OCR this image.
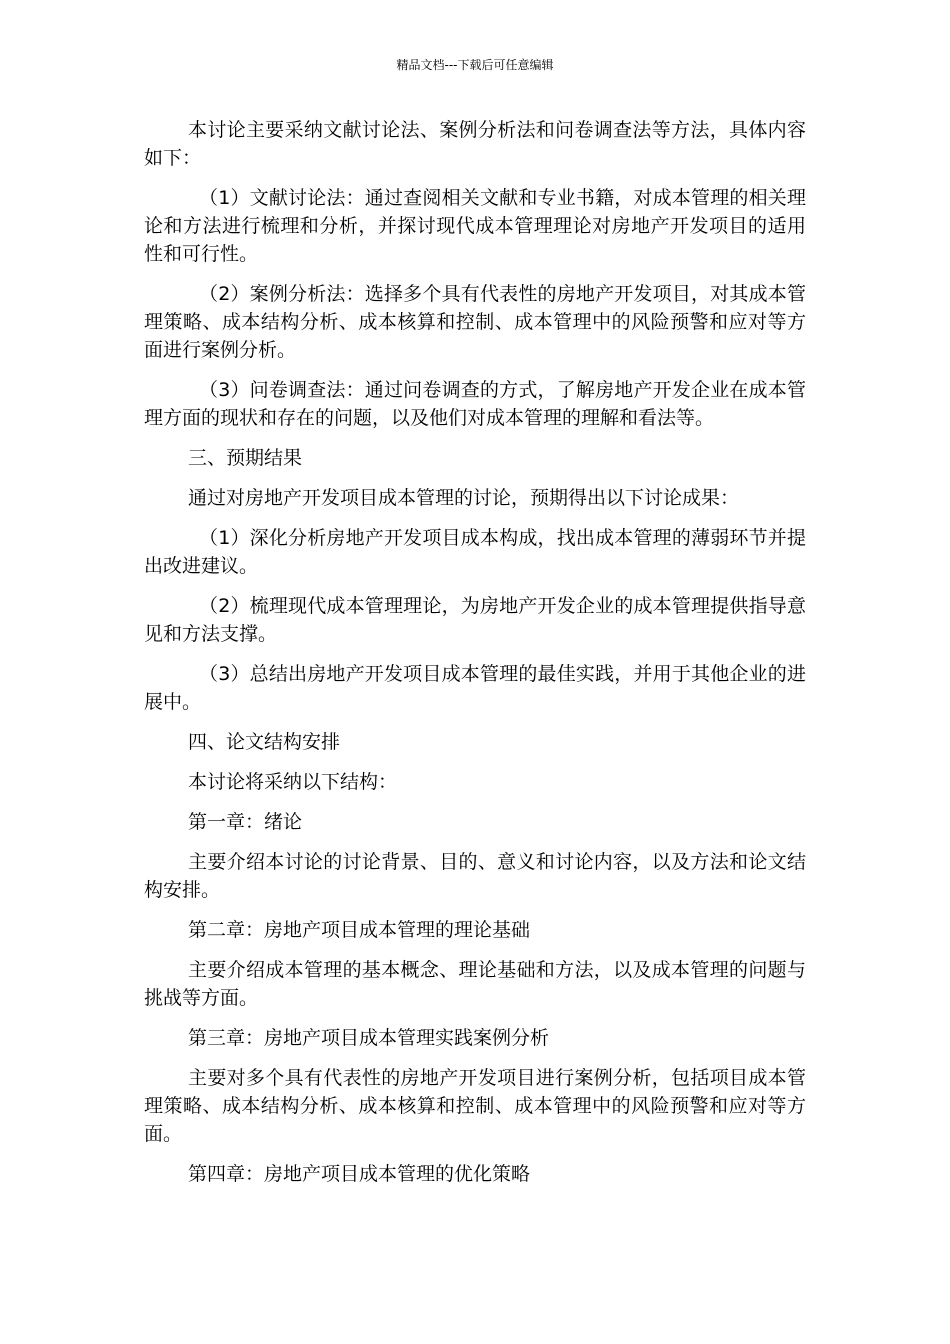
精品文档---下载后可任意编辑

本讨论主要采纳文献讨论法、案例分析法和问卷调查法等方法，具体内容如下：

（1）文献讨论法：通过查阅相关文献和专业书籍，对成本管理的相关理论和方法进行梳理和分析，并探讨现代成本管理理论对房地产开发项目的适用性和可行性。

（2）案例分析法：选择多个具有代表性的房地产开发项目，对其成本管理策略、成本结构分析、成本核算和控制、成本管理中的风险预警和应对等方面进行案例分析。

（3）问卷调查法：通过问卷调查的方式，了解房地产开发企业在成本管理方面的现状和存在的问题，以及他们对成本管理的理解和看法等。

三、预期结果

通过对房地产开发项目成本管理的讨论，预期得出以下讨论成果：

（1）深化分析房地产开发项目成本构成，找出成本管理的薄弱环节并提出改进建议。

（2）梳理现代成本管理理论，为房地产开发企业的成本管理提供指导意见和方法支撑。

（3）总结出房地产开发项目成本管理的最佳实践，并用于其他企业的进展中。

四、论文结构安排

本讨论将采纳以下结构：

第一章：绪论

主要介绍本讨论的讨论背景、目的、意义和讨论内容，以及方法和论文结构安排。

第二章：房地产项目成本管理的理论基础

主要介绍成本管理的基本概念、理论基础和方法，以及成本管理的问题与挑战等方面。

第三章：房地产项目成本管理实践案例分析

主要对多个具有代表性的房地产开发项目进行案例分析，包括项目成本管理策略、成本结构分析、成本核算和控制、成本管理中的风险预警和应对等方面。

第四章：房地产项目成本管理的优化策略
